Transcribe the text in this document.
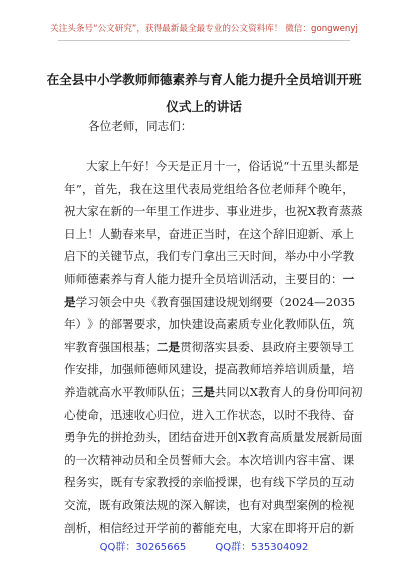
关注头条号“公文研究”，获得最新最全最专业的公文资料库！ 微信：gongwenyj
在全县中小学教师师德素养与育人能力提升全员培训开班
仪式上的讲话
各位老师，同志们：
大 家 上 午 好 ！ 今 天 是 正 月 十 一 ， 俗 话 说 “ 十 五 里 头 都 是
年 ” ， 首 先 ， 我 在 这 里 代 表 局 党 组 给 各 位 老 师 拜 个 晚 年 ，
祝 大 家 在 新 的 一 年 里 工 作 进 步 、 事 业 进 步 ， 也 祝 X 教 育 蒸 蒸
日 上 ！ 人 勤 春 来 早 ， 奋 进 正 当 时 ， 在 这 个 辞 旧 迎 新 、 承 上
启 下 的 关 键 节 点 ， 我 们 专 门 拿 出 三 天 时 间 ， 举 办 中 小 学 教
师 师 德 素 养 与 育 人 能 力 提 升 全 员 培 训 活 动 ， 主 要 目 的 ： 一
是 学 习 领 会 中 央 《 教 育 强 国 建 设 规 划 纲 要 （ 2024 — 2035
年 ） 》 的 部 署 要 求 ， 加 快 建 设 高 素 质 专 业 化 教 师 队 伍 ， 筑
牢 教 育 强 国 根 基 ； 二 是 贯 彻 落 实 县 委 、 县 政 府 主 要 领 导 工
作 安 排 ， 加 强 师 德 师 风 建 设 ， 提 高 教 师 培 养 培 训 质 量 ， 培
养 造 就 高 水 平 教 师 队 伍 ； 三 是 共 同 以 X 教 育 人 的 身 份 叩 问 初
心 使 命 ， 迅 速 收 心 归 位 ， 进 入 工 作 状 态 ， 以 时 不 我 待 、 奋
勇 争 先 的 拼 抢 劲 头 ， 团 结 奋 进 开 创 X 教 育 高 质 量 发 展 新 局 面
的 一 次 精 神 动 员 和 全 员 誓 师 大 会 。 本 次 培 训 内 容 丰 富 、 课
程 务 实 ， 既 有 专 家 教 授 的 亲 临 授 课 ， 也 有 线 下 学 员 的 互 动
交 流 ， 既 有 政 策 法 规 的 深 入 解 读 ， 也 有 对 典 型 案 例 的 检 视
剖 析 ， 相 信 经 过 开 学 前 的 蓄 能 充 电 ， 大 家 在 即 将 开 启 的 新
QQ群：30265665	QQ群：535304092
